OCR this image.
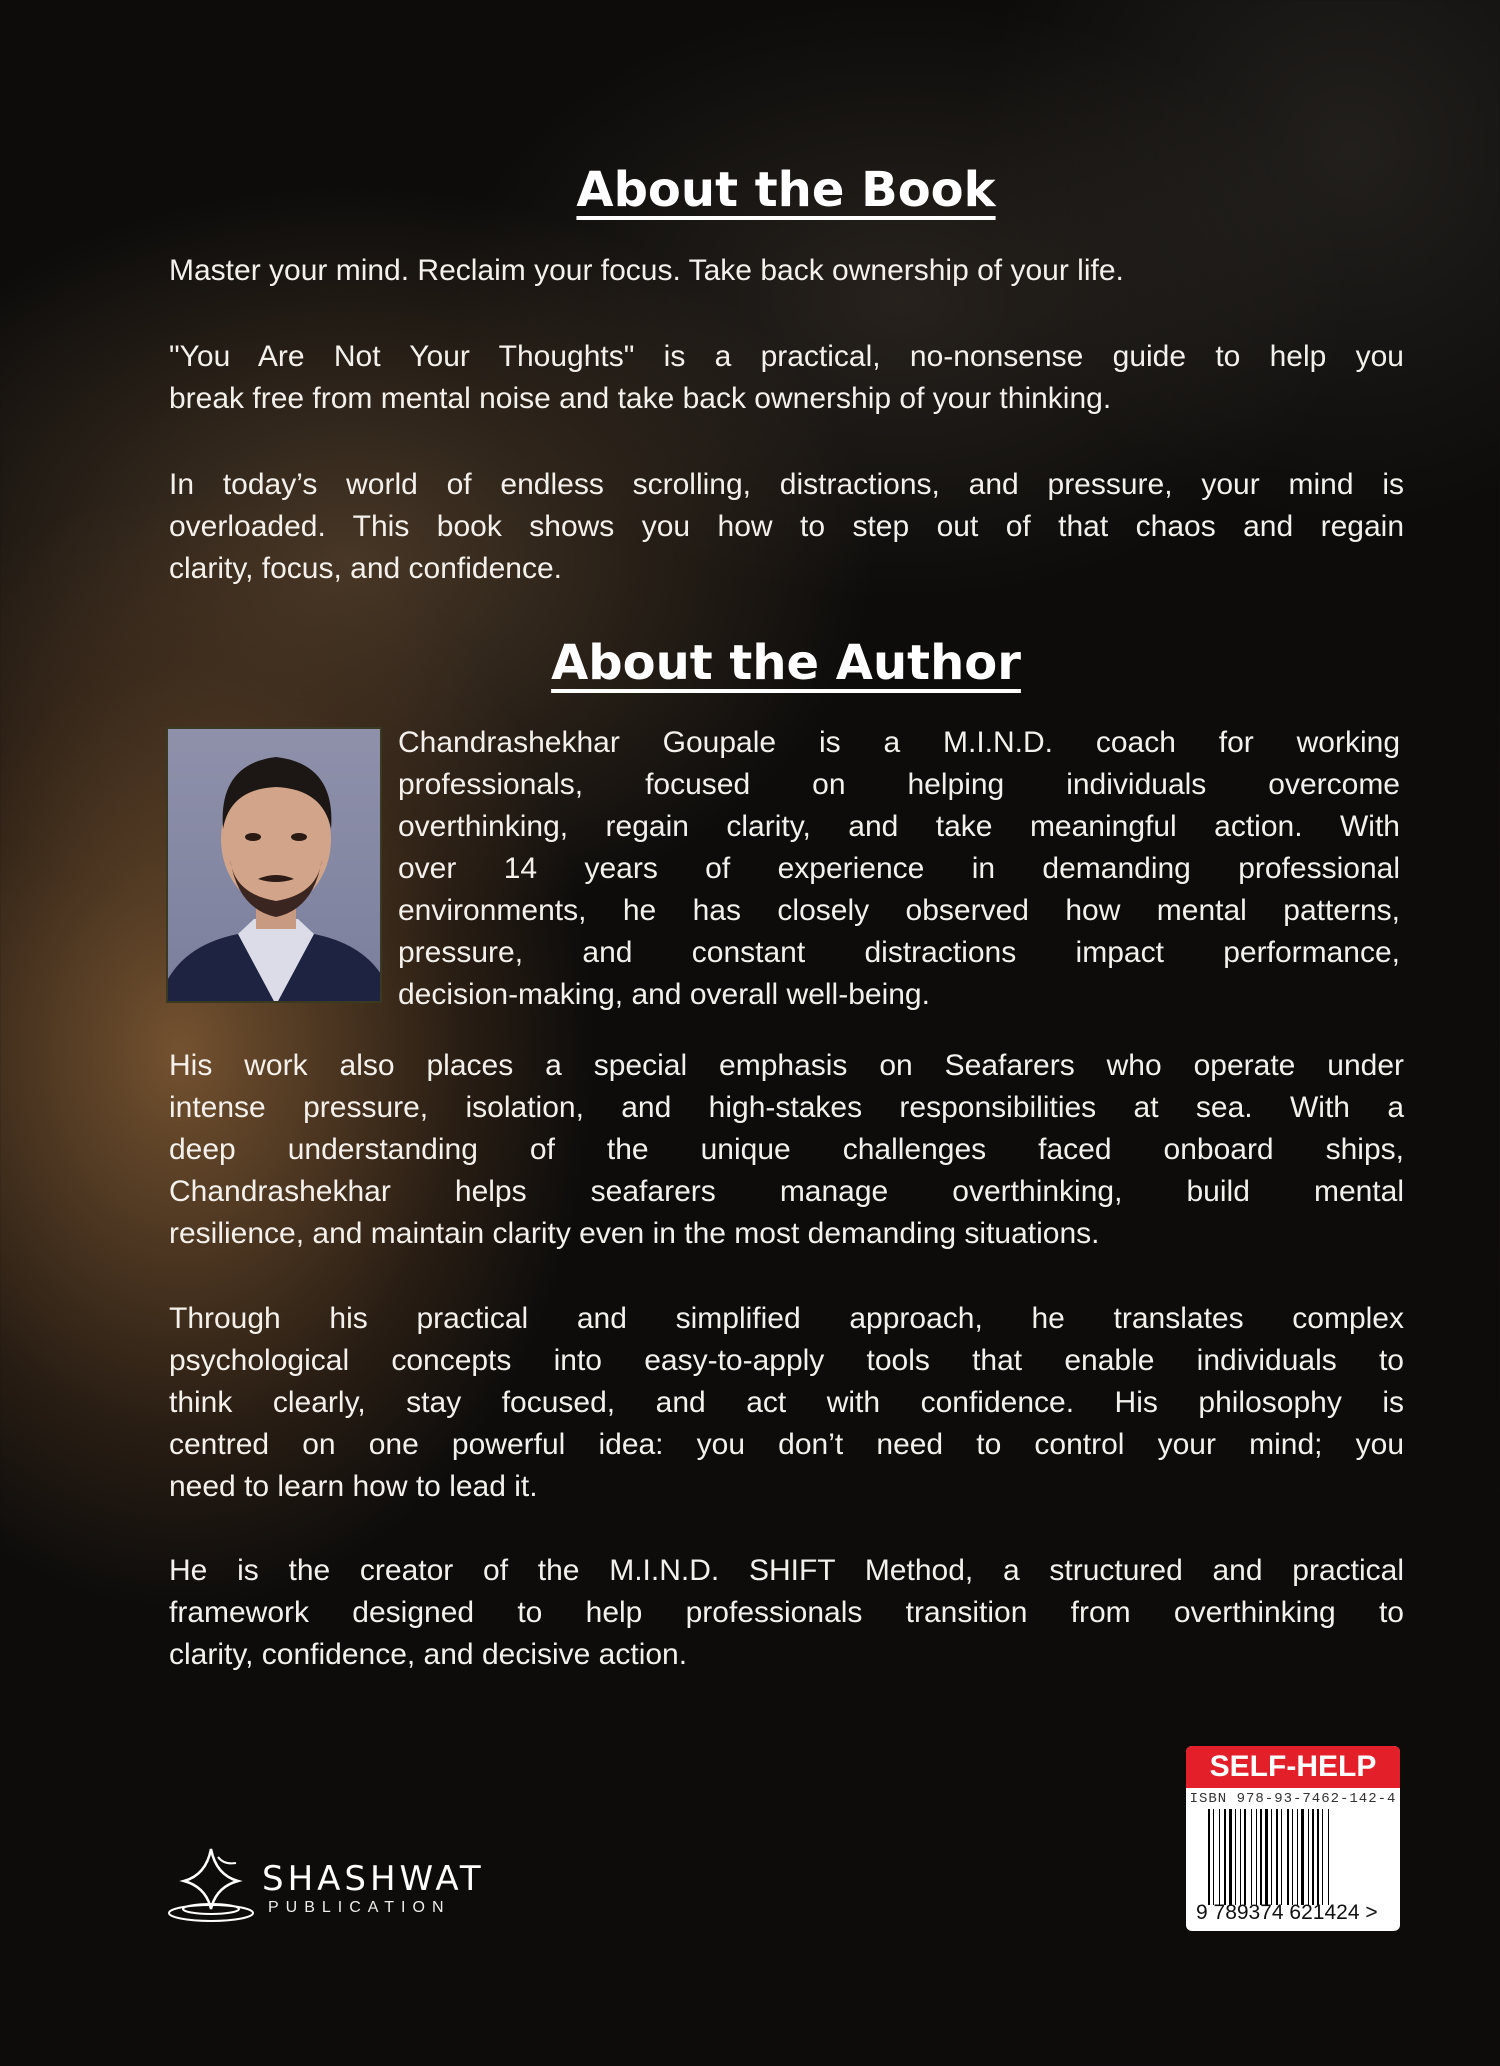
About the Book
Master your mind. Reclaim your focus. Take back ownership of your life.
"You Are Not Your Thoughts" is a practical, no-nonsense guide to help you
break free from mental noise and take back ownership of your thinking.
In today’s world of endless scrolling, distractions, and pressure, your mind is
overloaded. This book shows you how to step out of that chaos and regain
clarity, focus, and confidence.
About the Author
Chandrashekhar Goupale is a M.I.N.D. coach for working
professionals, focused on helping individuals overcome
overthinking, regain clarity, and take meaningful action. With
over 14 years of experience in demanding professional
environments, he has closely observed how mental patterns,
pressure, and constant distractions impact performance,
decision-making, and overall well-being.
His work also places a special emphasis on Seafarers who operate under
intense pressure, isolation, and high-stakes responsibilities at sea. With a
deep understanding of the unique challenges faced onboard ships,
Chandrashekhar helps seafarers manage overthinking, build mental
resilience, and maintain clarity even in the most demanding situations.
Through his practical and simplified approach, he translates complex
psychological concepts into easy-to-apply tools that enable individuals to
think clearly, stay focused, and act with confidence. His philosophy is
centred on one powerful idea: you don’t need to control your mind; you
need to learn how to lead it.
He is the creator of the M.I.N.D. SHIFT Method, a structured and practical
framework designed to help professionals transition from overthinking to
clarity, confidence, and decisive action.
SHASHWAT
PUBLICATION
SELF-HELP
ISBN 978-93-7462-142-4
9 789374 621424 >
